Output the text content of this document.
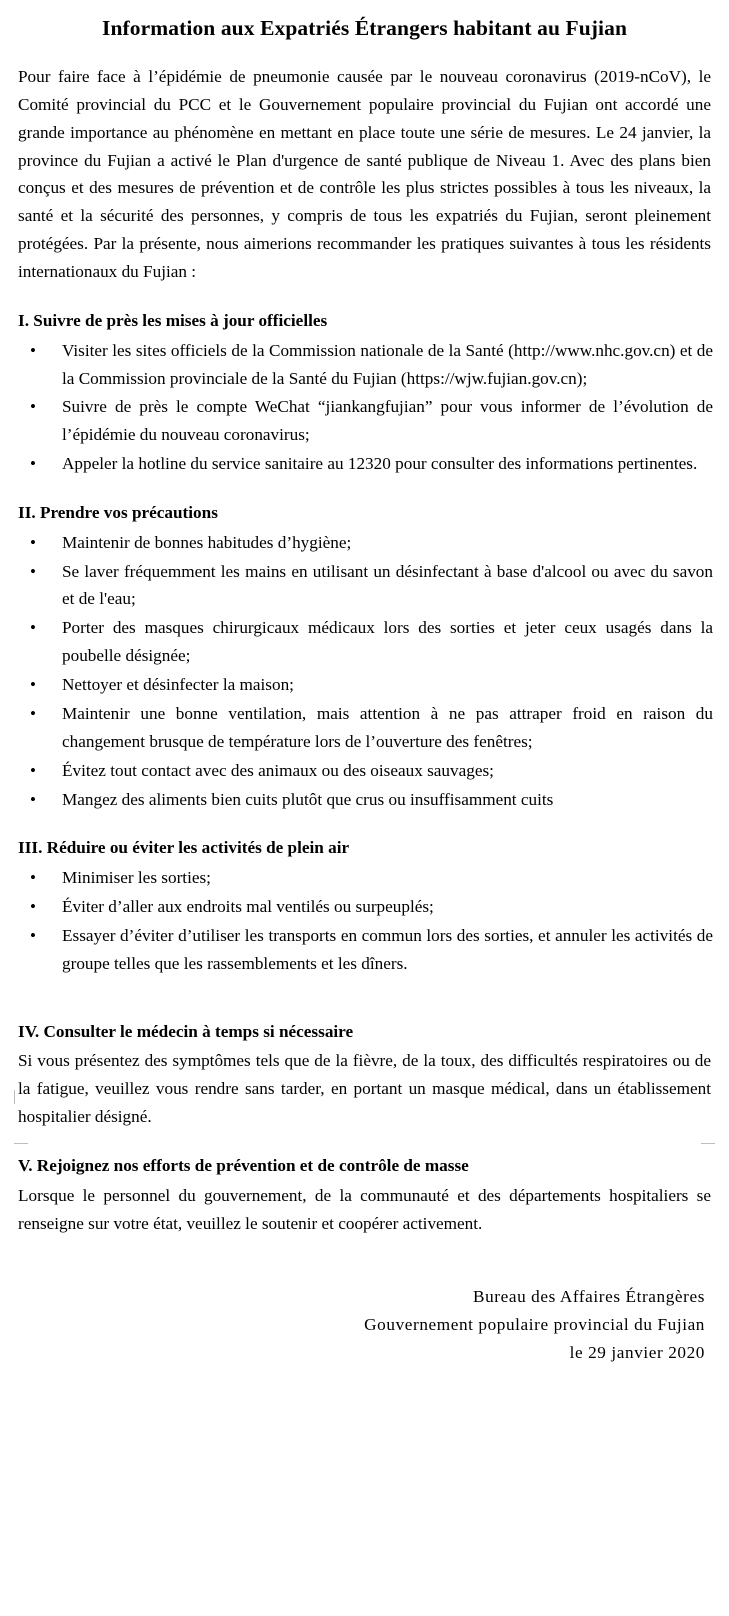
Information aux Expatriés Étrangers habitant au Fujian

Pour faire face à l’épidémie de pneumonie causée par le nouveau coronavirus (2019-nCoV), le Comité provincial du PCC et le Gouvernement populaire provincial du Fujian ont accordé une grande importance au phénomène en mettant en place toute une série de mesures. Le 24 janvier, la province du Fujian a activé le Plan d'urgence de santé publique de Niveau 1. Avec des plans bien conçus et des mesures de prévention et de contrôle les plus strictes possibles à tous les niveaux, la santé et la sécurité des personnes, y compris de tous les expatriés du Fujian, seront pleinement protégées. Par la présente, nous aimerions recommander les pratiques suivantes à tous les résidents internationaux du Fujian :

I. Suivre de près les mises à jour officielles
• Visiter les sites officiels de la Commission nationale de la Santé (http://www.nhc.gov.cn) et de la Commission provinciale de la Santé du Fujian (https://wjw.fujian.gov.cn);
• Suivre de près le compte WeChat “jiankangfujian” pour vous informer de l’évolution de l’épidémie du nouveau coronavirus;
• Appeler la hotline du service sanitaire au 12320 pour consulter des informations pertinentes.
II. Prendre vos précautions
• Maintenir de bonnes habitudes d’hygiène;
• Se laver fréquemment les mains en utilisant un désinfectant à base d'alcool ou avec du savon et de l'eau;
• Porter des masques chirurgicaux médicaux lors des sorties et jeter ceux usagés dans la poubelle désignée;
• Nettoyer et désinfecter la maison;
• Maintenir une bonne ventilation, mais attention à ne pas attraper froid en raison du changement brusque de température lors de l’ouverture des fenêtres;
• Évitez tout contact avec des animaux ou des oiseaux sauvages;
• Mangez des aliments bien cuits plutôt que crus ou insuffisamment cuits
III. Réduire ou éviter les activités de plein air
• Minimiser les sorties;
• Éviter d’aller aux endroits mal ventilés ou surpeuplés;
• Essayer d’éviter d’utiliser les transports en commun lors des sorties, et annuler les activités de groupe telles que les rassemblements et les dîners.
IV. Consulter le médecin à temps si nécessaire
Si vous présentez des symptômes tels que de la fièvre, de la toux, des difficultés respiratoires ou de la fatigue, veuillez vous rendre sans tarder, en portant un masque médical, dans un établissement hospitalier désigné.
V. Rejoignez nos efforts de prévention et de contrôle de masse
Lorsque le personnel du gouvernement, de la communauté et des départements hospitaliers se renseigne sur votre état, veuillez le soutenir et coopérer activement.
Bureau des Affaires Étrangères
Gouvernement populaire provincial du Fujian
le 29 janvier 2020
